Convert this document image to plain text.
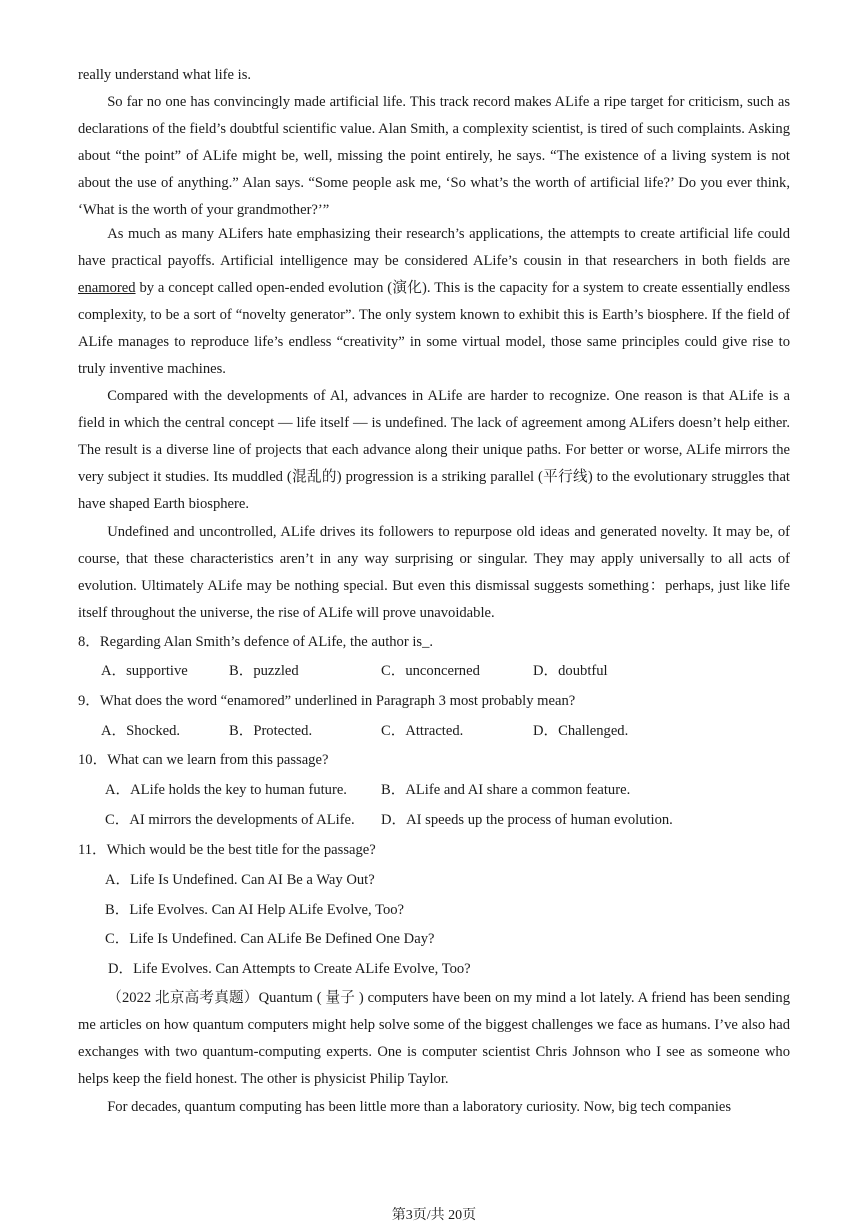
really understand what life is.

So far no one has convincingly made artificial life. This track record makes ALife a ripe target for criticism, such as declarations of the field’s doubtful scientific value. Alan Smith, a complexity scientist, is tired of such complaints. Asking about “the point” of ALife might be, well, missing the point entirely, he says. “The existence of a living system is not about the use of anything.” Alan says. “Some people ask me, ‘So what’s the worth of artificial life?’ Do you ever think, ‘What is the worth of your grandmother?’”

As much as many ALifers hate emphasizing their research’s applications, the attempts to create artificial life could have practical payoffs. Artificial intelligence may be considered ALife’s cousin in that researchers in both fields are enamored by a concept called open-ended evolution (演化). This is the capacity for a system to create essentially endless complexity, to be a sort of “novelty generator”. The only system known to exhibit this is Earth’s biosphere. If the field of ALife manages to reproduce life’s endless “creativity” in some virtual model, those same principles could give rise to truly inventive machines.

Compared with the developments of Al, advances in ALife are harder to recognize. One reason is that ALife is a field in which the central concept — life itself — is undefined. The lack of agreement among ALifers doesn’t help either. The result is a diverse line of projects that each advance along their unique paths. For better or worse, ALife mirrors the very subject it studies. Its muddled (混乱的) progression is a striking parallel (平行线) to the evolutionary struggles that have shaped Earth biosphere.

Undefined and uncontrolled, ALife drives its followers to repurpose old ideas and generated novelty. It may be, of course, that these characteristics aren’t in any way surprising or singular. They may apply universally to all acts of evolution. Ultimately ALife may be nothing special. But even this dismissal suggests something：perhaps, just like life itself throughout the universe, the rise of ALife will prove unavoidable.

8．Regarding Alan Smith’s defence of ALife, the author is_.
A．supportive	B．puzzled	C．unconcerned	D．doubtful
9．What does the word “enamored” underlined in Paragraph 3 most probably mean?
A．Shocked.	B．Protected.	C．Attracted.	D．Challenged.
10．What can we learn from this passage?
A．ALife holds the key to human future. B．ALife and AI share a common feature.
C．AI mirrors the developments of ALife. D．AI speeds up the process of human evolution.
11．Which would be the best title for the passage?
A．Life Is Undefined. Can AI Be a Way Out?
B．Life Evolves. Can AI Help ALife Evolve, Too?
C．Life Is Undefined. Can ALife Be Defined One Day?
D．Life Evolves. Can Attempts to Create ALife Evolve, Too?

（2022 北京高考真题）Quantum ( 量子 ) computers have been on my mind a lot lately. A friend has been sending me articles on how quantum computers might help solve some of the biggest challenges we face as humans. I’ve also had exchanges with two quantum-computing experts. One is computer scientist Chris Johnson who I see as someone who helps keep the field honest. The other is physicist Philip Taylor.

For decades, quantum computing has been little more than a laboratory curiosity. Now, big tech companies

第3页/共 20页
